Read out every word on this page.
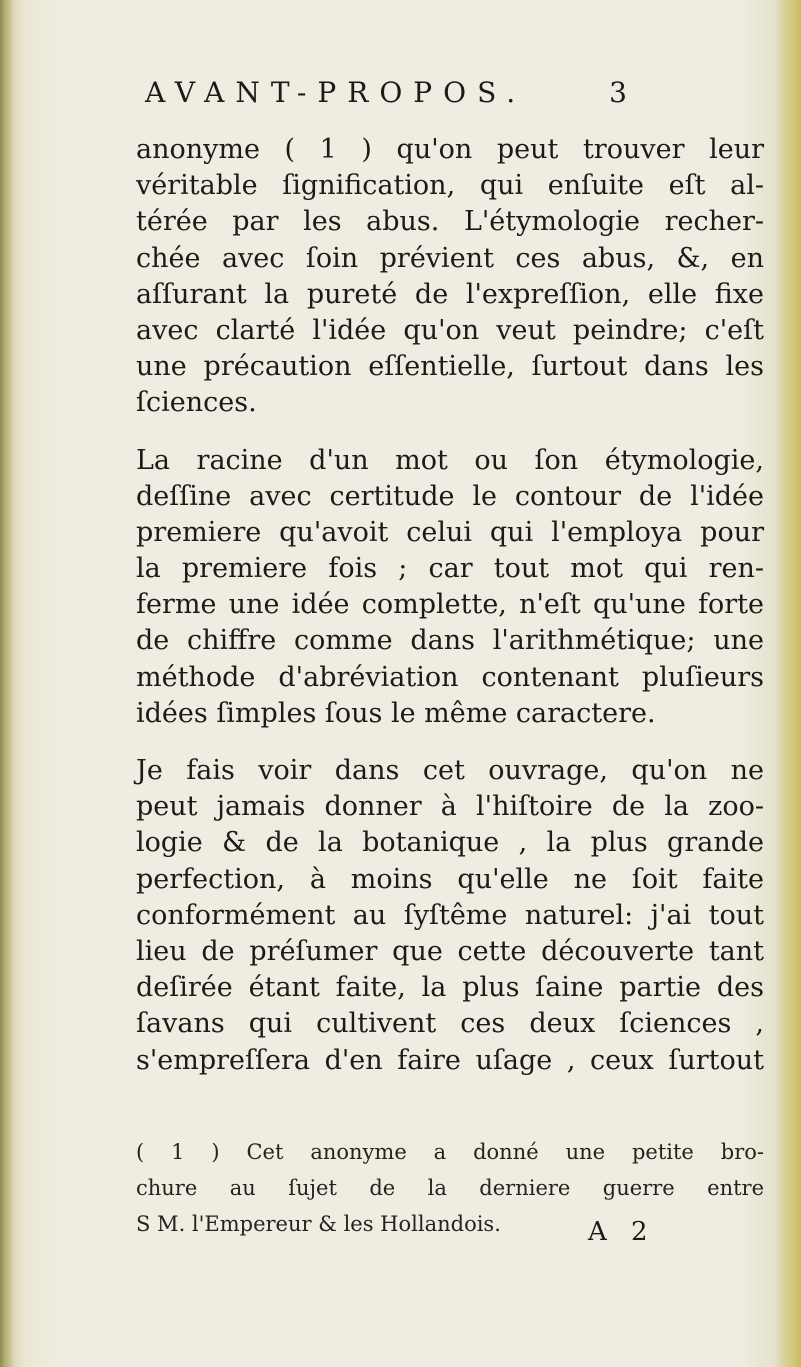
AVANT-PROPOS.	3

anonyme ( 1 ) qu'on peut trouver leur
véritable ſignification, qui enſuite eſt al-
térée par les abus. L'étymologie recher-
chée avec ſoin prévient ces abus, &, en
aſſurant la pureté de l'expreſſion, elle fixe
avec clarté l'idée qu'on veut peindre; c'eſt
une précaution eſſentielle, ſurtout dans les
ſciences.

La racine d'un mot ou ſon étymologie,
deſſine avec certitude le contour de l'idée
premiere qu'avoit celui qui l'employa pour
la premiere fois ; car tout mot qui ren-
ferme une idée complette, n'eſt qu'une forte
de chiffre comme dans l'arithmétique; une
méthode d'abréviation contenant pluſieurs
idées ſimples ſous le même caractere.

Je fais voir dans cet ouvrage, qu'on ne
peut jamais donner à l'hiſtoire de la zoo-
logie & de la botanique , la plus grande
perfection, à moins qu'elle ne ſoit faite
conformément au ſyſtême naturel: j'ai tout
lieu de préſumer que cette découverte tant
deſirée étant faite, la plus ſaine partie des
ſavans qui cultivent ces deux ſciences ,
s'empreſſera d'en faire uſage , ceux ſurtout

( 1 ) Cet anonyme a donné une petite bro-
chure au ſujet de la derniere guerre entre
S M. l'Empereur & les Hollandois.	A 2
